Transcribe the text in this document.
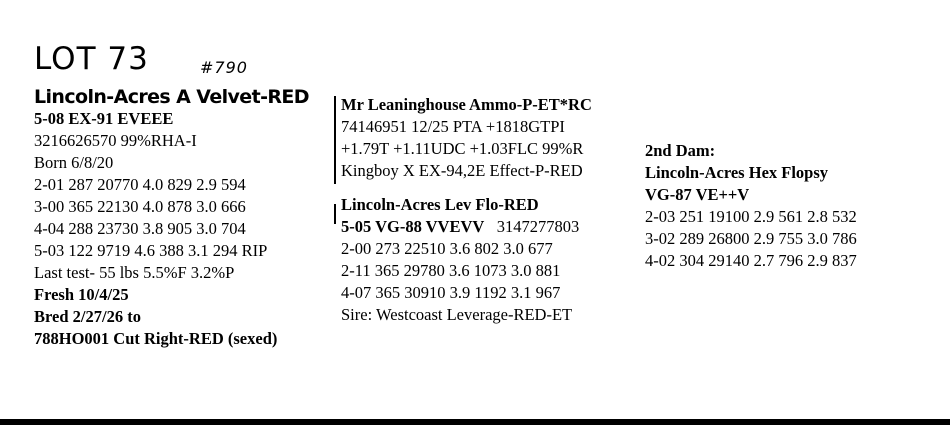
LOT 73	#790
Lincoln-Acres A Velvet-RED
5-08 EX-91 EVEEE
3216626570 99%RHA-I
Born 6/8/20
2-01 287 20770 4.0 829 2.9 594
3-00 365 22130 4.0 878 3.0 666
4-04 288 23730 3.8 905 3.0 704
5-03 122 9719 4.6 388 3.1 294 RIP
Last test- 55 lbs 5.5%F 3.2%P
Fresh 10/4/25
Bred 2/27/26 to
788HO001 Cut Right-RED (sexed)
Mr Leaninghouse Ammo-P-ET*RC
74146951 12/25 PTA +1818GTPI
+1.79T +1.11UDC +1.03FLC 99%R
Kingboy X EX-94,2E Effect-P-RED
Lincoln-Acres Lev Flo-RED
5-05 VG-88 VVEVV 3147277803
2-00 273 22510 3.6 802 3.0 677
2-11 365 29780 3.6 1073 3.0 881
4-07 365 30910 3.9 1192 3.1 967
Sire: Westcoast Leverage-RED-ET
2nd Dam:
Lincoln-Acres Hex Flopsy
VG-87 VE++V
2-03 251 19100 2.9 561 2.8 532
3-02 289 26800 2.9 755 3.0 786
4-02 304 29140 2.7 796 2.9 837
